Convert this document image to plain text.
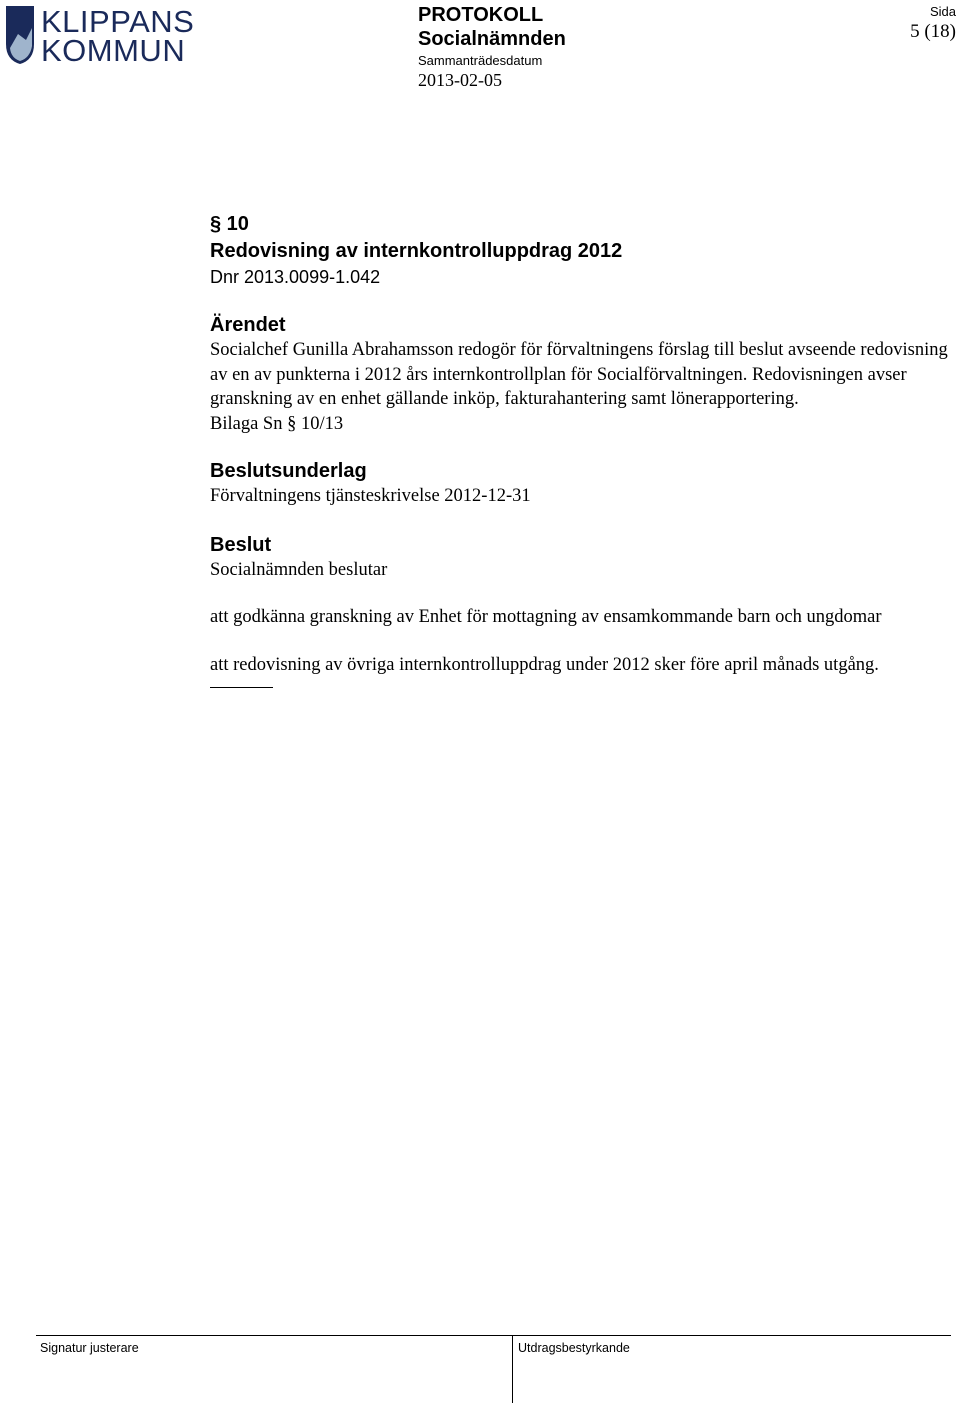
KLIPPANS
KOMMUN
PROTOKOLL
Socialnämnden
Sammanträdesdatum
2013-02-05
Sida
5 (18)
§ 10
Redovisning av internkontrolluppdrag 2012
Dnr 2013.0099-1.042
Ärendet

Socialchef Gunilla Abrahamsson redogör för förvaltningens förslag till beslut avseende redovisning av en av punkterna i 2012 års internkontrollplan för Socialförvaltningen. Redovisningen avser granskning av en enhet gällande inköp, fakturahantering samt lönerapportering.

Bilaga Sn § 10/13

Beslutsunderlag

Förvaltningens tjänsteskrivelse 2012-12-31

Beslut

Socialnämnden beslutar

att godkänna granskning av Enhet för mottagning av ensamkommande barn och ungdomar

att redovisning av övriga internkontrolluppdrag under 2012 sker före april månads utgång.

Signatur justerare	Utdragsbestyrkande
